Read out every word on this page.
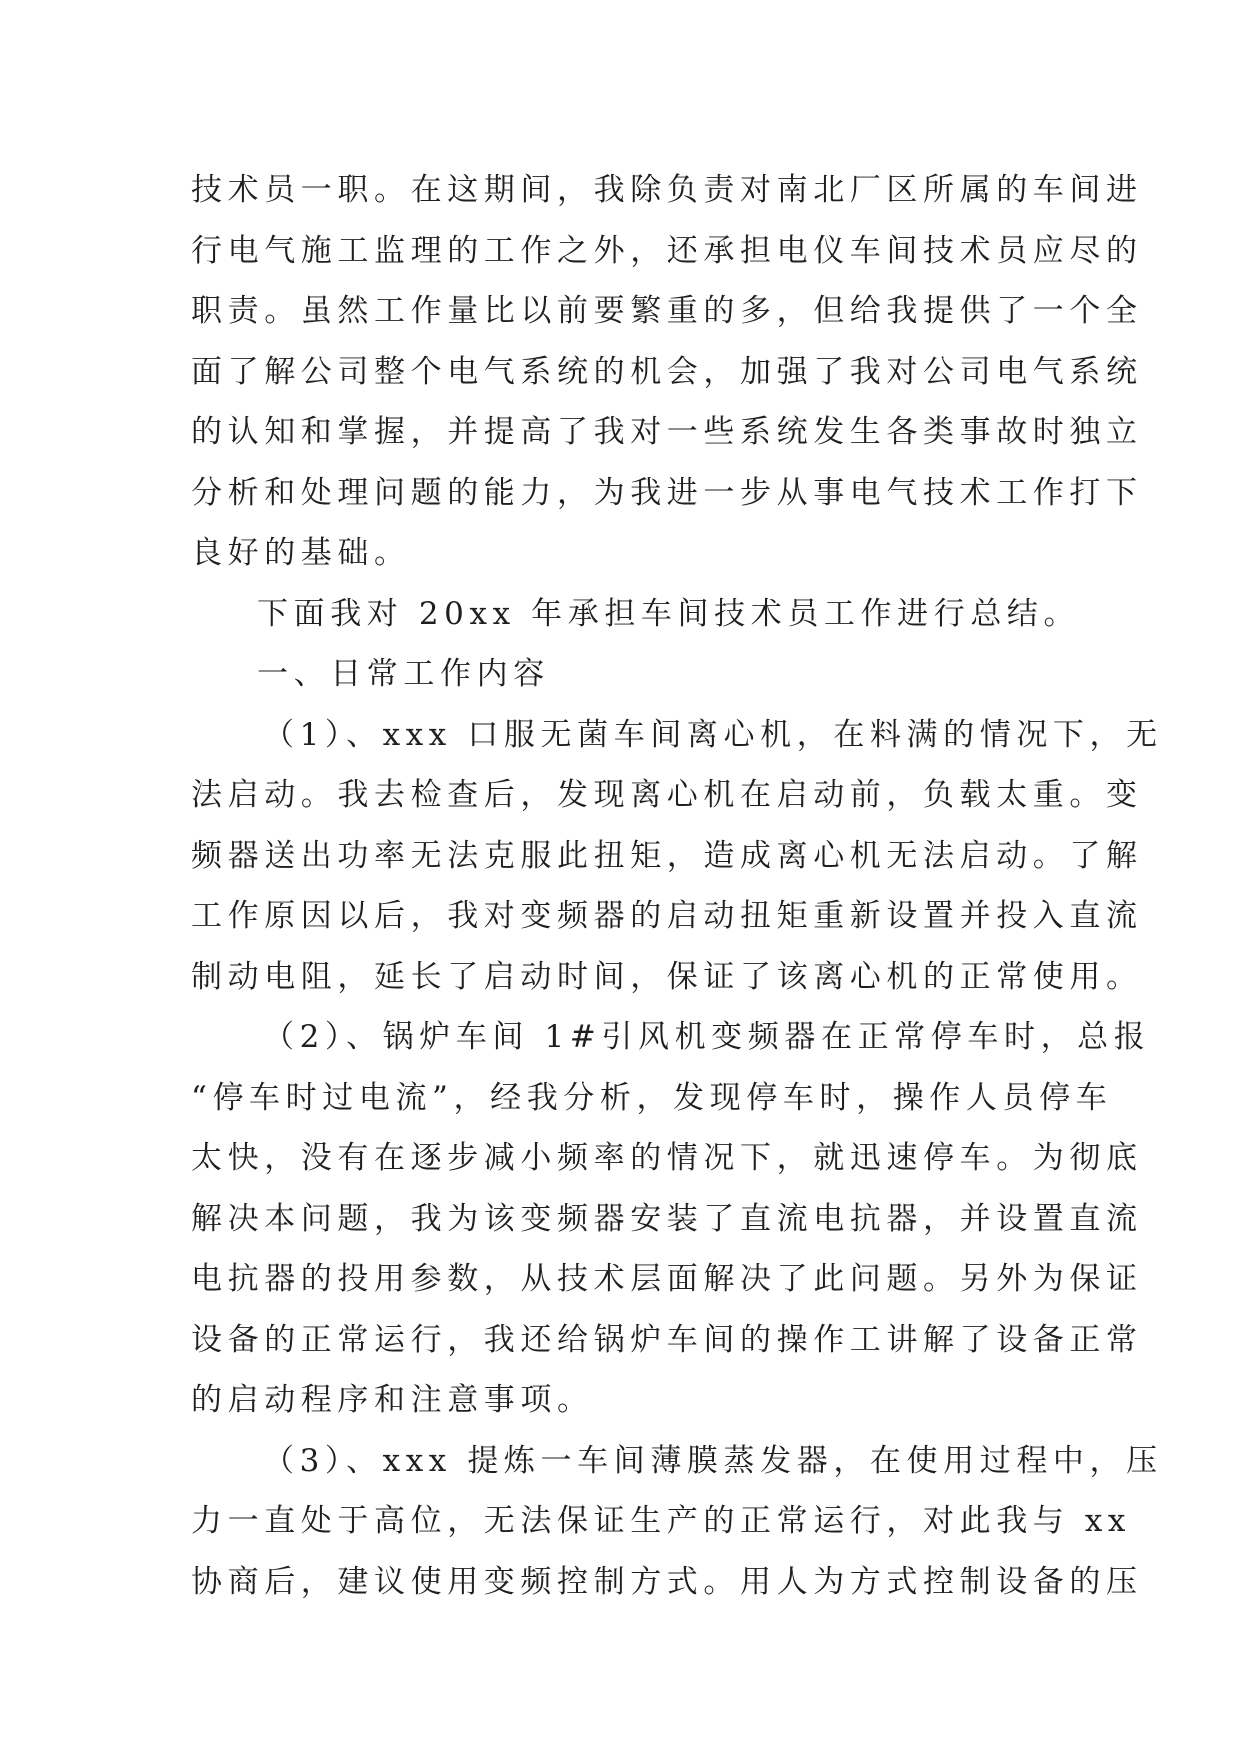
技术员一职。在这期间，我除负责对南北厂区所属的车间进
行电气施工监理的工作之外，还承担电仪车间技术员应尽的
职责。虽然工作量比以前要繁重的多，但给我提供了一个全
面了解公司整个电气系统的机会，加强了我对公司电气系统
的认知和掌握，并提高了我对一些系统发生各类事故时独立
分析和处理问题的能力，为我进一步从事电气技术工作打下
良好的基础。
下面我对 20xx 年承担车间技术员工作进行总结。
一、日常工作内容
（1）、xxx 口服无菌车间离心机，在料满的情况下，无
法启动。我去检查后，发现离心机在启动前，负载太重。变
频器送出功率无法克服此扭矩，造成离心机无法启动。了解
工作原因以后，我对变频器的启动扭矩重新设置并投入直流
制动电阻，延长了启动时间，保证了该离心机的正常使用。
（2）、锅炉车间 1#引风机变频器在正常停车时，总报
“停车时过电流”，经我分析，发现停车时，操作人员停车
太快，没有在逐步减小频率的情况下，就迅速停车。为彻底
解决本问题，我为该变频器安装了直流电抗器，并设置直流
电抗器的投用参数，从技术层面解决了此问题。另外为保证
设备的正常运行，我还给锅炉车间的操作工讲解了设备正常
的启动程序和注意事项。
（3）、xxx 提炼一车间薄膜蒸发器，在使用过程中，压
力一直处于高位，无法保证生产的正常运行，对此我与 xx
协商后，建议使用变频控制方式。用人为方式控制设备的压
